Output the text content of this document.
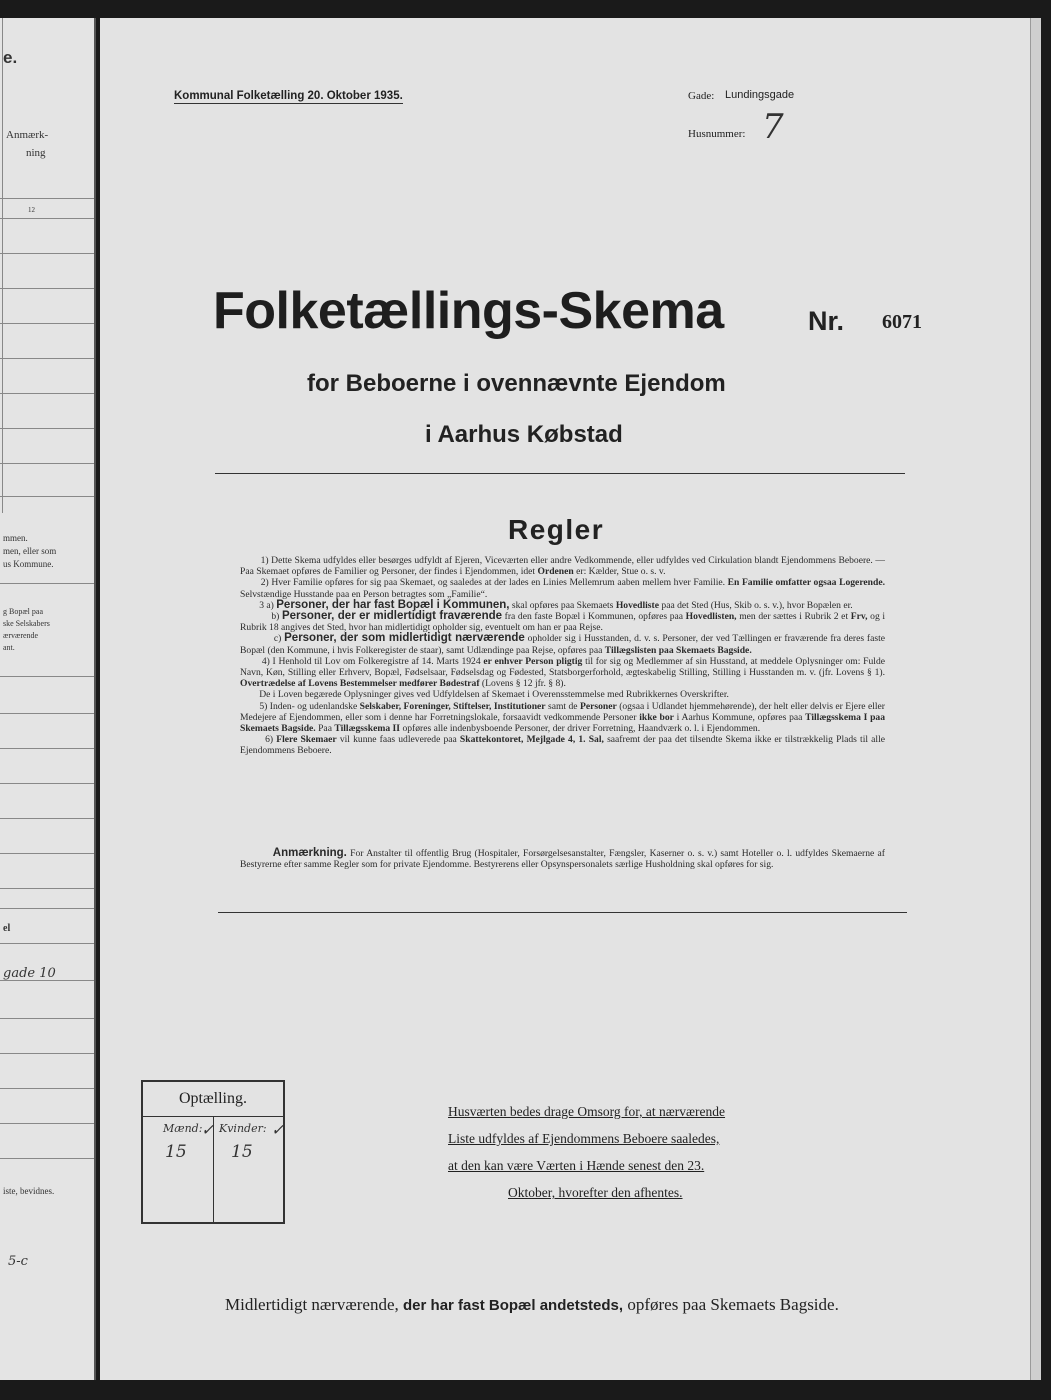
e.
Anmærk-
ning
12
mmen.
men, eller som
us Kommune.
g Bopæl paa
ske Selskabers
ærværende
ant.
el
gade 10
iste, bevidnes.
5-c
Kommunal Folketælling 20. Oktober 1935.	Gade: Lundingsgade
Husnummer: 7
Folketællings-Skema	Nr. 6071
for Beboerne i ovennævnte Ejendom
i Aarhus Købstad
Regler

1) Dette Skema udfyldes eller besørges udfyldt af Ejeren, Viceværten eller andre Vedkommende, eller udfyldes ved Cirkulation blandt Ejendommens Beboere. — Paa Skemaet opføres de Familier og Personer, der findes i Ejendommen, idet Ordenen er: Kælder, Stue o. s. v.

2) Hver Familie opføres for sig paa Skemaet, og saaledes at der lades en Linies Mellemrum aaben mellem hver Familie. En Familie omfatter ogsaa Logerende. Selvstændige Husstande paa en Person betragtes som „Familie“.

3 a) Personer, der har fast Bopæl i Kommunen, skal opføres paa Skemaets Hovedliste paa det Sted (Hus, Skib o. s. v.), hvor Bopælen er.

b) Personer, der er midlertidigt fraværende fra den faste Bopæl i Kommunen, opføres paa Hovedlisten, men der sættes i Rubrik 2 et Frv, og i Rubrik 18 angives det Sted, hvor han midlertidigt opholder sig, eventuelt om han er paa Rejse.

c) Personer, der som midlertidigt nærværende opholder sig i Husstanden, d. v. s. Personer, der ved Tællingen er fraværende fra deres faste Bopæl (den Kommune, i hvis Folkeregister de staar), samt Udlændinge paa Rejse, opføres paa Tillægslisten paa Skemaets Bagside.

4) I Henhold til Lov om Folkeregistre af 14. Marts 1924 er enhver Person pligtig til for sig og Medlemmer af sin Husstand, at meddele Oplysninger om: Fulde Navn, Køn, Stilling eller Erhverv, Bopæl, Fødselsaar, Fødselsdag og Fødested, Statsborgerforhold, ægteskabelig Stilling, Stilling i Husstanden m. v. (jfr. Lovens § 1). Overtrædelse af Lovens Bestemmelser medfører Bødestraf (Lovens § 12 jfr. § 8).

De i Loven begærede Oplysninger gives ved Udfyldelsen af Skemaet i Overensstemmelse med Rubrikkernes Overskrifter.

5) Inden- og udenlandske Selskaber, Foreninger, Stiftelser, Institutioner samt de Personer (ogsaa i Udlandet hjemmehørende), der helt eller delvis er Ejere eller Medejere af Ejendommen, eller som i denne har Forretningslokale, forsaavidt vedkommende Personer ikke bor i Aarhus Kommune, opføres paa Tillægsskema I paa Skemaets Bagside. Paa Tillægsskema II opføres alle indenbysboende Personer, der driver Forretning, Haandværk o. l. i Ejendommen.

6) Flere Skemaer vil kunne faas udleverede paa Skattekontoret, Mejlgade 4, 1. Sal, saafremt der paa det tilsendte Skema ikke er tilstrækkelig Plads til alle Ejendommens Beboere.

Anmærkning. For Anstalter til offentlig Brug (Hospitaler, Forsørgelsesanstalter, Fængsler, Kaserner o. s. v.) samt Hoteller o. l. udfyldes Skemaerne af Bestyrerne efter samme Regler som for private Ejendomme. Bestyrerens eller Opsynspersonalets særlige Husholdning skal opføres for sig.
Optælling.
Mænd: Kvinder:
15	15
✓	✓
Husværten bedes drage Omsorg for, at nærværende
Liste udfyldes af Ejendommens Beboere saaledes,
at den kan være Værten i Hænde senest den 23.
Oktober, hvorefter den afhentes.
Midlertidigt nærværende, der har fast Bopæl andetsteds, opføres paa Skemaets Bagside.
